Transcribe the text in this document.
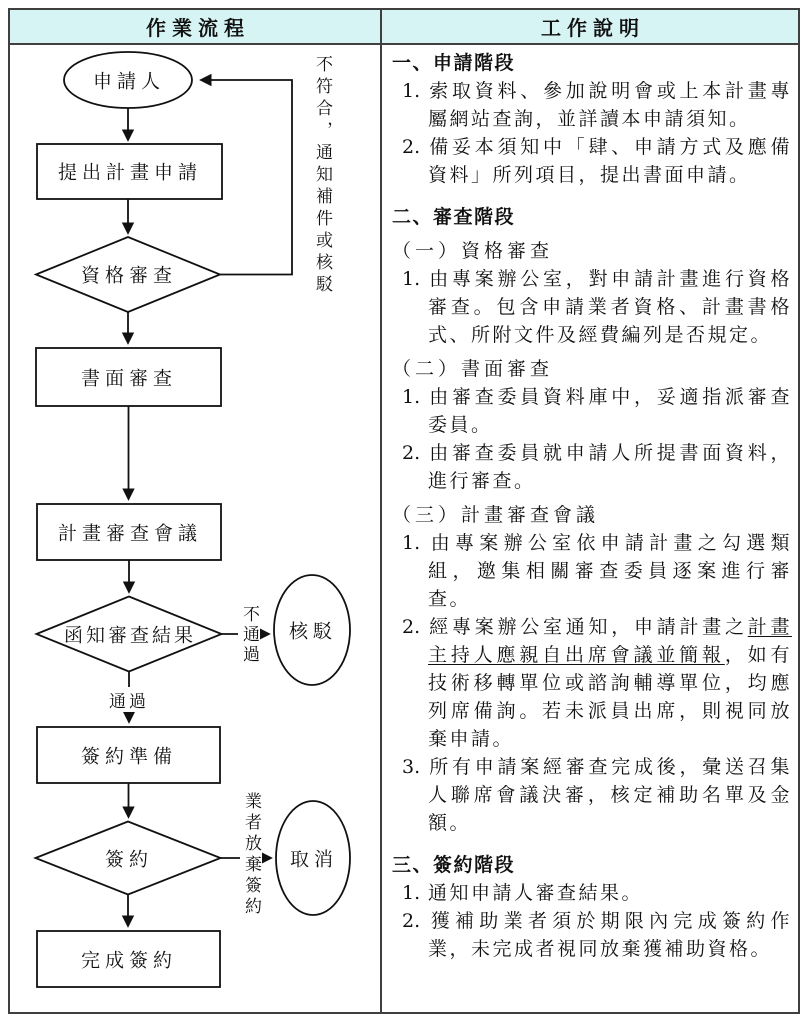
作業流程	工作說明
申請人
提出計畫申請
資格審查
書面審查
計畫審查會議
函知審查結果
簽約準備
簽約
完成簽約
核駁
取消
不符合，通知補件或核駁
不通過
通過
業者放棄簽約
一、申請階段
1. 索取資料、參加說明會或上本計畫專屬網站查詢，並詳讀本申請須知。
2. 備妥本須知中「肆、申請方式及應備資料」所列項目，提出書面申請。
二、審查階段
（一）資格審查
1. 由專案辦公室，對申請計畫進行資格審查。包含申請業者資格、計畫書格式、所附文件及經費編列是否規定。
（二）書面審查
1. 由審查委員資料庫中，妥適指派審查委員。
2. 由審查委員就申請人所提書面資料，進行審查。
（三）計畫審查會議
1. 由專案辦公室依申請計畫之勾選類組，邀集相關審查委員逐案進行審查。
2. 經專案辦公室通知，申請計畫之計畫主持人應親自出席會議並簡報，如有技術移轉單位或諮詢輔導單位，均應列席備詢。若未派員出席，則視同放棄申請。
3. 所有申請案經審查完成後，彙送召集人聯席會議決審，核定補助名單及金額。
三、簽約階段
1. 通知申請人審查結果。
2. 獲補助業者須於期限內完成簽約作業，未完成者視同放棄獲補助資格。
